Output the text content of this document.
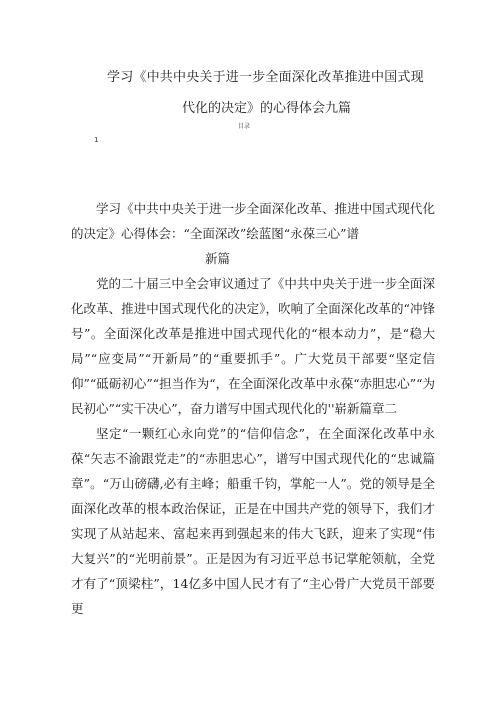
学习《中共中央关于进一步全面深化改革推进中国式现
代化的决定》的心得体会九篇
目录
1

学习《中共中央关于进一步全面深化改革、推进中国式现代化的决定》心得体会：“全面深改”绘蓝图“永葆三心”谱

新篇

党的二十届三中全会审议通过了《中共中央关于进一步全面深化改革、推进中国式现代化的决定》，吹响了全面深化改革的“冲锋号”。全面深化改革是推进中国式现代化的“根本动力”，是“稳大局”“应变局”“开新局”的“重要抓手”。广大党员干部要“坚定信仰”“砥砺初心”“担当作为“，在全面深化改革中永葆“赤胆忠心”“为民初心”“实干决心”，奋力谱写中国式现代化的''崭新篇章二

坚定“一颗红心永向党”的“信仰信念”，在全面深化改革中永葆“矢志不渝跟党走”的“赤胆忠心”，谱写中国式现代化的“忠诚篇章”。“万山磅礴,必有主峰；船重千钧，掌舵一人”。党的领导是全面深化改革的根本政治保证，正是在中国共产党的领导下，我们才实现了从站起来、富起来再到强起来的伟大飞跃，迎来了实现“伟大复兴”的“光明前景”。正是因为有习近平总书记掌舵领航，全党才有了“顶梁柱”，14亿多中国人民才有了“主心骨广大党员干部要更
